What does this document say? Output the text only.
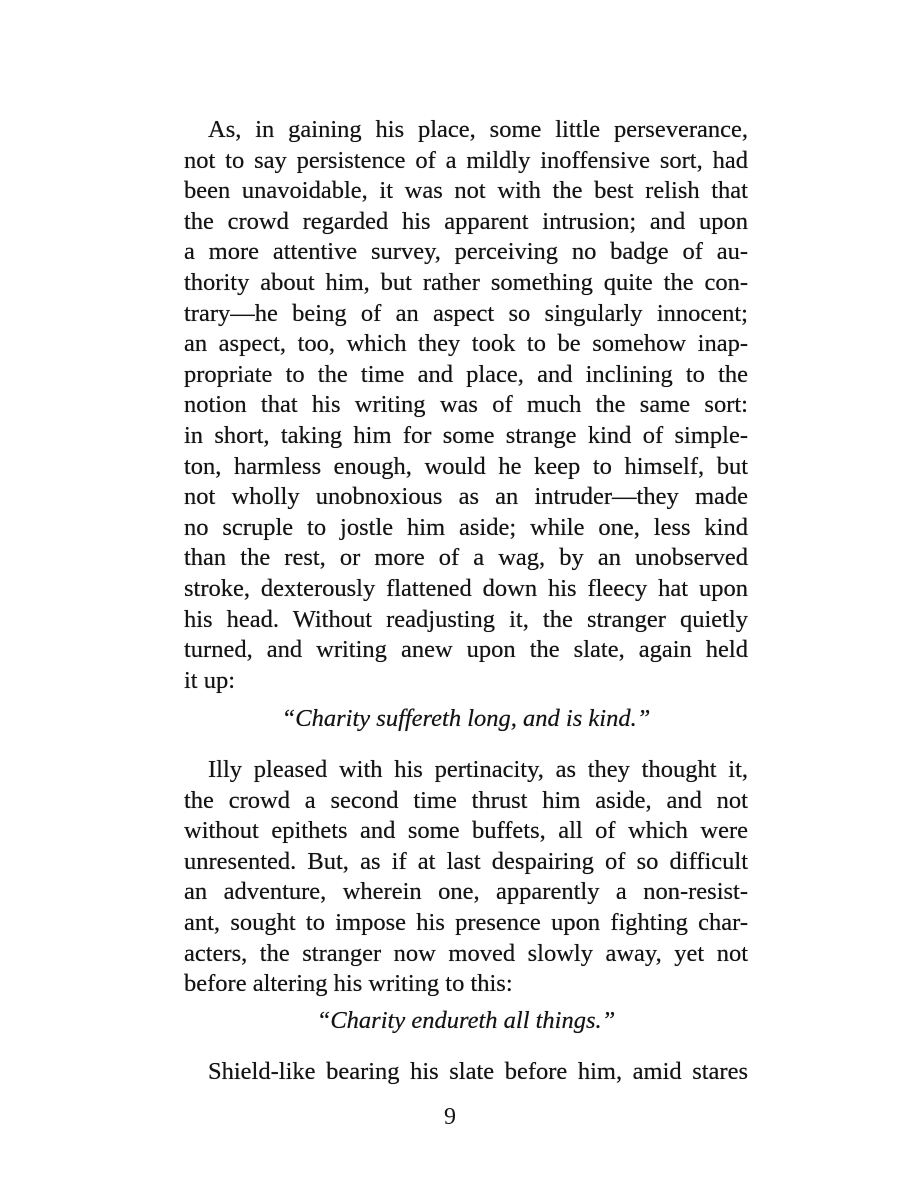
As, in gaining his place, some little perseverance,
not to say persistence of a mildly inoffensive sort, had
been unavoidable, it was not with the best relish that
the crowd regarded his apparent intrusion; and upon
a more attentive survey, perceiving no badge of au-
thority about him, but rather something quite the con-
trary—he being of an aspect so singularly innocent;
an aspect, too, which they took to be somehow inap-
propriate to the time and place, and inclining to the
notion that his writing was of much the same sort:
in short, taking him for some strange kind of simple-
ton, harmless enough, would he keep to himself, but
not wholly unobnoxious as an intruder—they made
no scruple to jostle him aside; while one, less kind
than the rest, or more of a wag, by an unobserved
stroke, dexterously flattened down his fleecy hat upon
his head. Without readjusting it, the stranger quietly
turned, and writing anew upon the slate, again held
it up:
“Charity suffereth long, and is kind.”
Illy pleased with his pertinacity, as they thought it,
the crowd a second time thrust him aside, and not
without epithets and some buffets, all of which were
unresented. But, as if at last despairing of so difficult
an adventure, wherein one, apparently a non-resist-
ant, sought to impose his presence upon fighting char-
acters, the stranger now moved slowly away, yet not
before altering his writing to this:
“Charity endureth all things.”
Shield-like bearing his slate before him, amid stares
9
